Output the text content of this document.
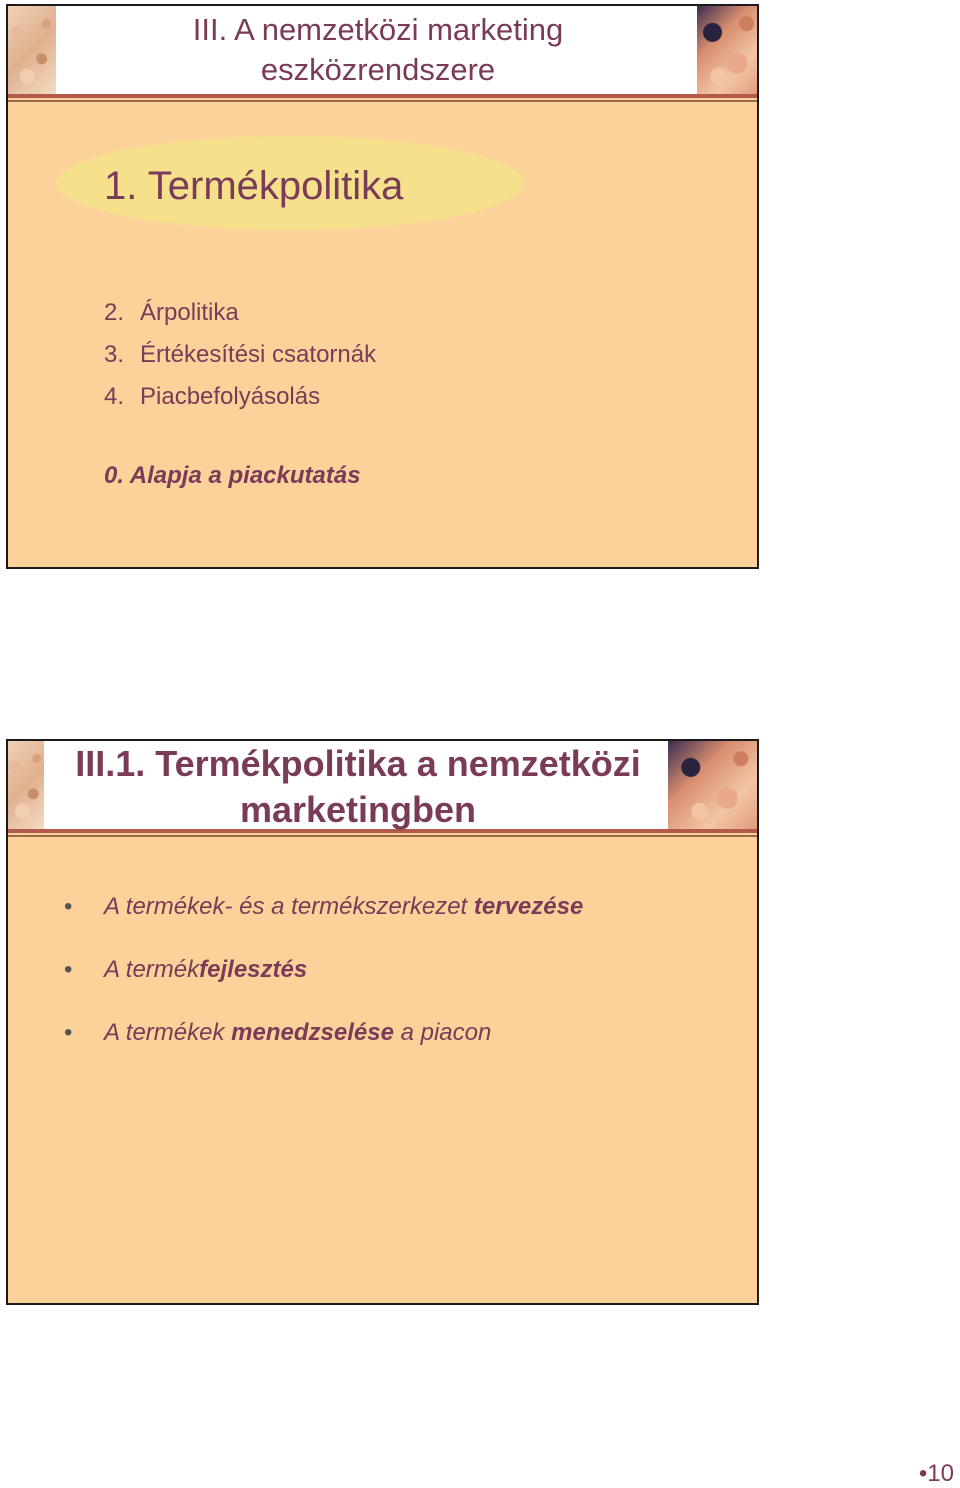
III. A nemzetközi marketing
eszközrendszere
1. Termékpolitika
2. Árpolitika
3. Értékesítési csatornák
4. Piacbefolyásolás
0. Alapja a piackutatás
III.1. Termékpolitika a nemzetközi
marketingben
• A termékek- és a termékszerkezet tervezése
• A termékfejlesztés
• A termékek menedzselése a piacon
•10
